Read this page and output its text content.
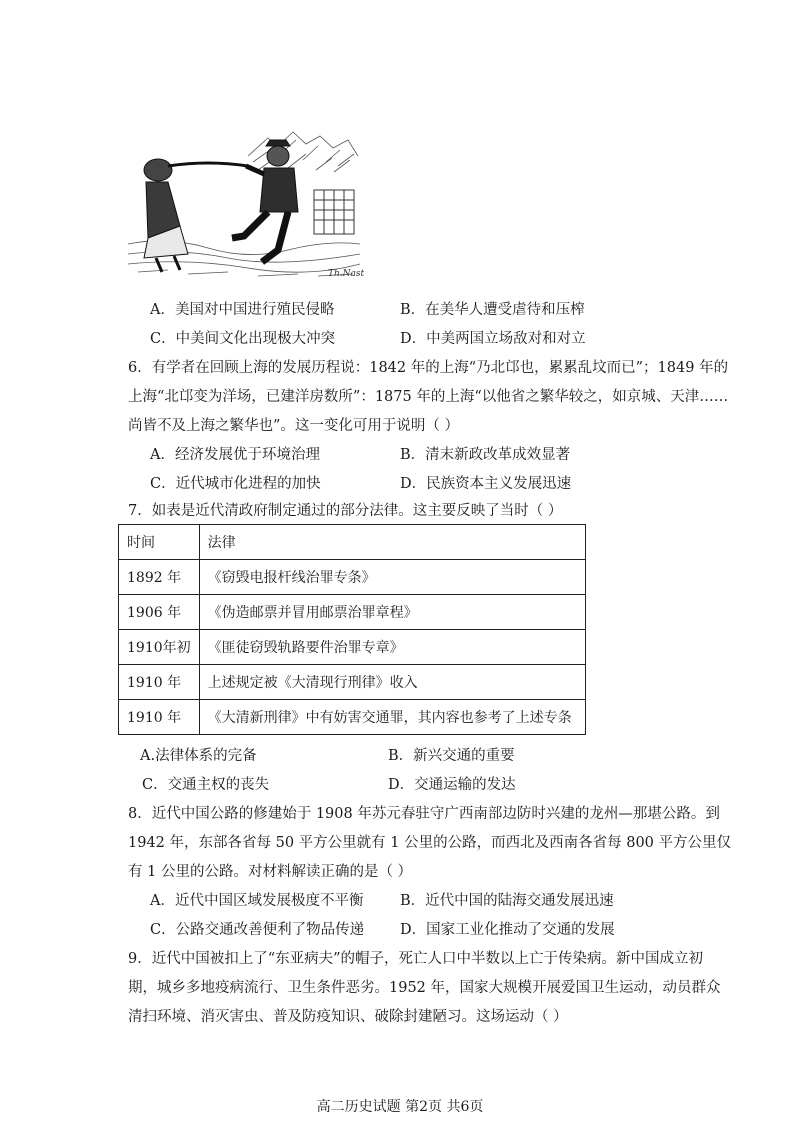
Th.Nast
A．美国对中国进行殖民侵略	B．在美华人遭受虐待和压榨
C．中美间文化出现极大冲突	D．中美两国立场敌对和对立
6．有学者在回顾上海的发展历程说：1842 年的上海“乃北邙也，累累乱坟而已”；1849 年的
上海“北邙变为洋场，已建洋房数所”：1875 年的上海“以他省之繁华较之，如京城、天津……
尚皆不及上海之繁华也”。这一变化可用于说明（ ）
A．经济发展优于环境治理	B．清末新政改革成效显著
C．近代城市化进程的加快	D．民族资本主义发展迅速
7．如表是近代清政府制定通过的部分法律。这主要反映了当时（ ）
时间	法律
1892 年	《窃毁电报杆线治罪专条》
1906 年	《伪造邮票并冒用邮票治罪章程》
1910年初	《匪徒窃毁轨路要件治罪专章》
1910 年	上述规定被《大清现行刑律》收入
1910 年	《大清新刑律》中有妨害交通罪，其内容也参考了上述专条
A.法律体系的完备	B．新兴交通的重要
C．交通主权的丧失	D．交通运输的发达
8．近代中国公路的修建始于 1908 年苏元春驻守广西南部边防时兴建的龙州—那堪公路。到
1942 年，东部各省每 50 平方公里就有 1 公里的公路，而西北及西南各省每 800 平方公里仅
有 1 公里的公路。对材料解读正确的是（ ）
A．近代中国区域发展极度不平衡	B．近代中国的陆海交通发展迅速
C．公路交通改善便利了物品传递 D．国家工业化推动了交通的发展
9．近代中国被扣上了“东亚病夫”的帽子，死亡人口中半数以上亡于传染病。新中国成立初
期，城乡多地疫病流行、卫生条件恶劣。1952 年，国家大规模开展爱国卫生运动，动员群众
清扫环境、消灭害虫、普及防疫知识、破除封建陋习。这场运动（ ）
高二历史试题 第2页 共6页
